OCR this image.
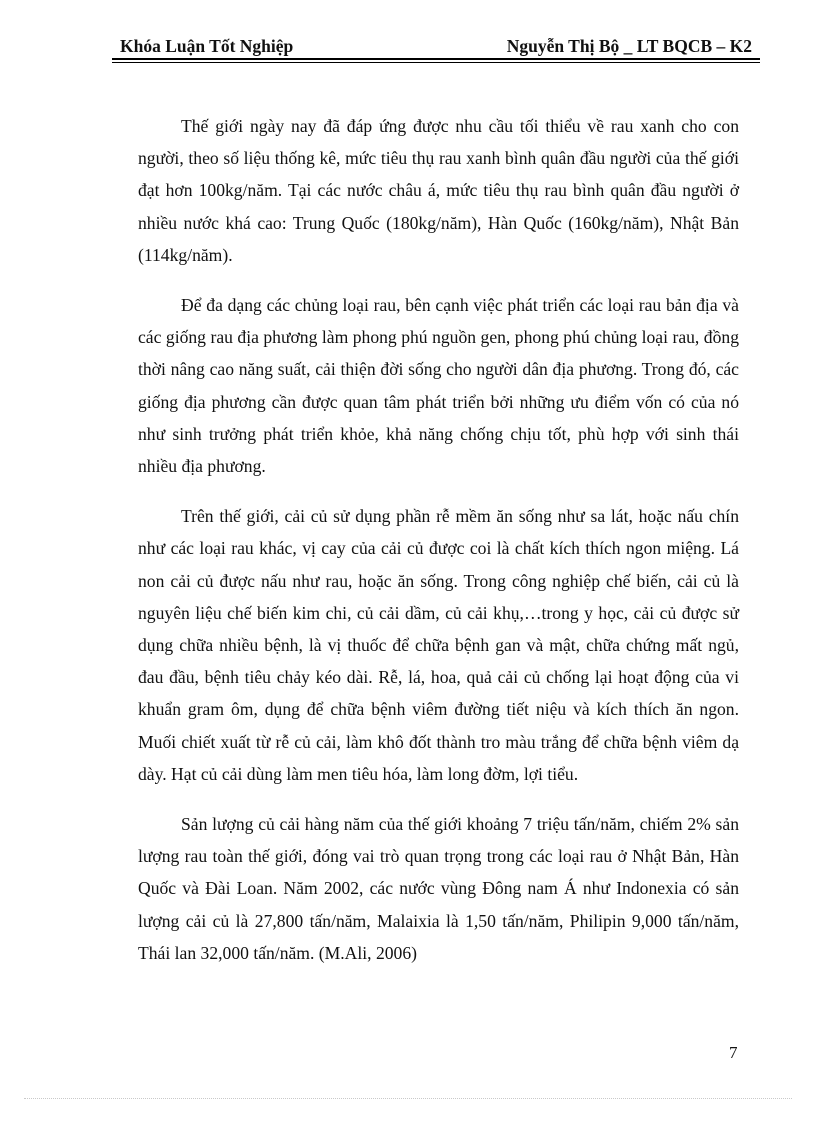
Khóa Luận Tốt Nghiệp	Nguyễn Thị Bộ _ LT BQCB – K2

Thế giới ngày nay đã đáp ứng được nhu cầu tối thiểu về rau xanh cho con người, theo số liệu thống kê, mức tiêu thụ rau xanh bình quân đầu người của thế giới đạt hơn 100kg/năm. Tại các nước châu á, mức tiêu thụ rau bình quân đầu người ở nhiều nước khá cao: Trung Quốc (180kg/năm), Hàn Quốc (160kg/năm), Nhật Bản (114kg/năm).

Để đa dạng các chủng loại rau, bên cạnh việc phát triển các loại rau bản địa và các giống rau địa phương làm phong phú nguồn gen, phong phú chủng loại rau, đồng thời nâng cao năng suất, cải thiện đời sống cho người dân địa phương. Trong đó, các giống địa phương cần được quan tâm phát triển bởi những ưu điểm vốn có của nó như sinh trưởng phát triển khỏe, khả năng chống chịu tốt, phù hợp với sinh thái nhiều địa phương.

Trên thế giới, cải củ sử dụng phần rễ mềm ăn sống như sa lát, hoặc nấu chín như các loại rau khác, vị cay của cải củ được coi là chất kích thích ngon miệng. Lá non cải củ được nấu như rau, hoặc ăn sống. Trong công nghiệp chế biến, cải củ là nguyên liệu chế biến kim chi, củ cải dầm, củ cải khụ,…trong y học, cải củ được sử dụng chữa nhiều bệnh, là vị thuốc để chữa bệnh gan và mật, chữa chứng mất ngủ, đau đầu, bệnh tiêu chảy kéo dài. Rễ, lá, hoa, quả cải củ chống lại hoạt động của vi khuẩn gram ôm, dụng để chữa bệnh viêm đường tiết niệu và kích thích ăn ngon. Muối chiết xuất từ rễ củ cải, làm khô đốt thành tro màu trắng để chữa bệnh viêm dạ dày. Hạt củ cải dùng làm men tiêu hóa, làm long đờm, lợi tiểu.

Sản lượng củ cải hàng năm của thế giới khoảng 7 triệu tấn/năm, chiếm 2% sản lượng rau toàn thế giới, đóng vai trò quan trọng trong các loại rau ở Nhật Bản, Hàn Quốc và Đài Loan. Năm 2002, các nước vùng Đông nam Á như Indonexia có sản lượng cải củ là 27,800 tấn/năm, Malaixia là 1,50 tấn/năm, Philipin 9,000 tấn/năm, Thái lan 32,000 tấn/năm. (M.Ali, 2006)

7
